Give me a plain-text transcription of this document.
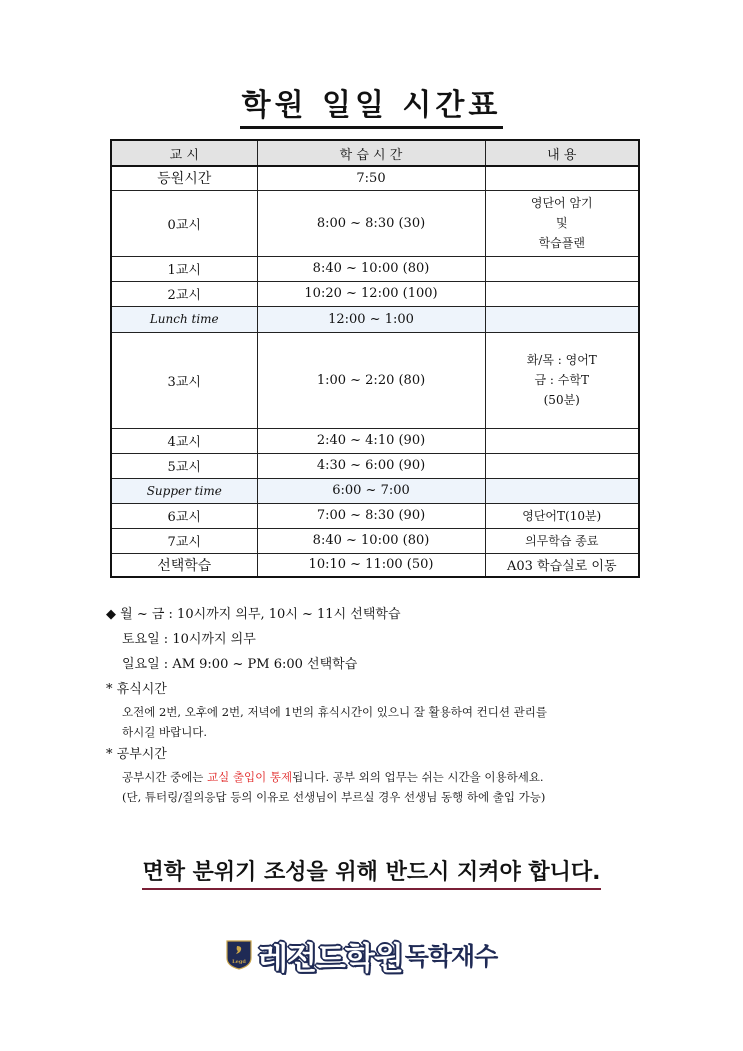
학원 일일 시간표
교 시	학 습 시 간	내 용
등원시간	7:50	
0교시	8:00 ~ 8:30 (30)	영단어 암기
및
학습플랜
1교시	8:40 ~ 10:00 (80)	
2교시	10:20 ~ 12:00 (100)	
Lunch time	12:00 ~ 1:00	
3교시	1:00 ~ 2:20 (80)	화/목 : 영어T
금 : 수학T
(50분)
4교시	2:40 ~ 4:10 (90)	
5교시	4:30 ~ 6:00 (90)	
Supper time	6:00 ~ 7:00	
6교시	7:00 ~ 8:30 (90)	영단어T(10분)
7교시	8:40 ~ 10:00 (80)	의무학습 종료
선택학습	10:10 ~ 11:00 (50)	A03 학습실로 이동
◆ 월 ~ 금 : 10시까지 의무, 10시 ~ 11시 선택학습
토요일 : 10시까지 의무
일요일 : AM 9:00 ~ PM 6:00 선택학습
* 휴식시간
오전에 2번, 오후에 2번, 저녁에 1번의 휴식시간이 있으니 잘 활용하여 컨디션 관리를
하시길 바랍니다.
* 공부시간
공부시간 중에는 교실 출입이 통제됩니다. 공부 외의 업무는 쉬는 시간을 이용하세요.
(단, 튜터링/질의응답 등의 이유로 선생님이 부르실 경우 선생님 동행 하에 출입 가능)
면학 분위기 조성을 위해 반드시 지켜야 합니다.
Legd 레전드학원 독학재수
